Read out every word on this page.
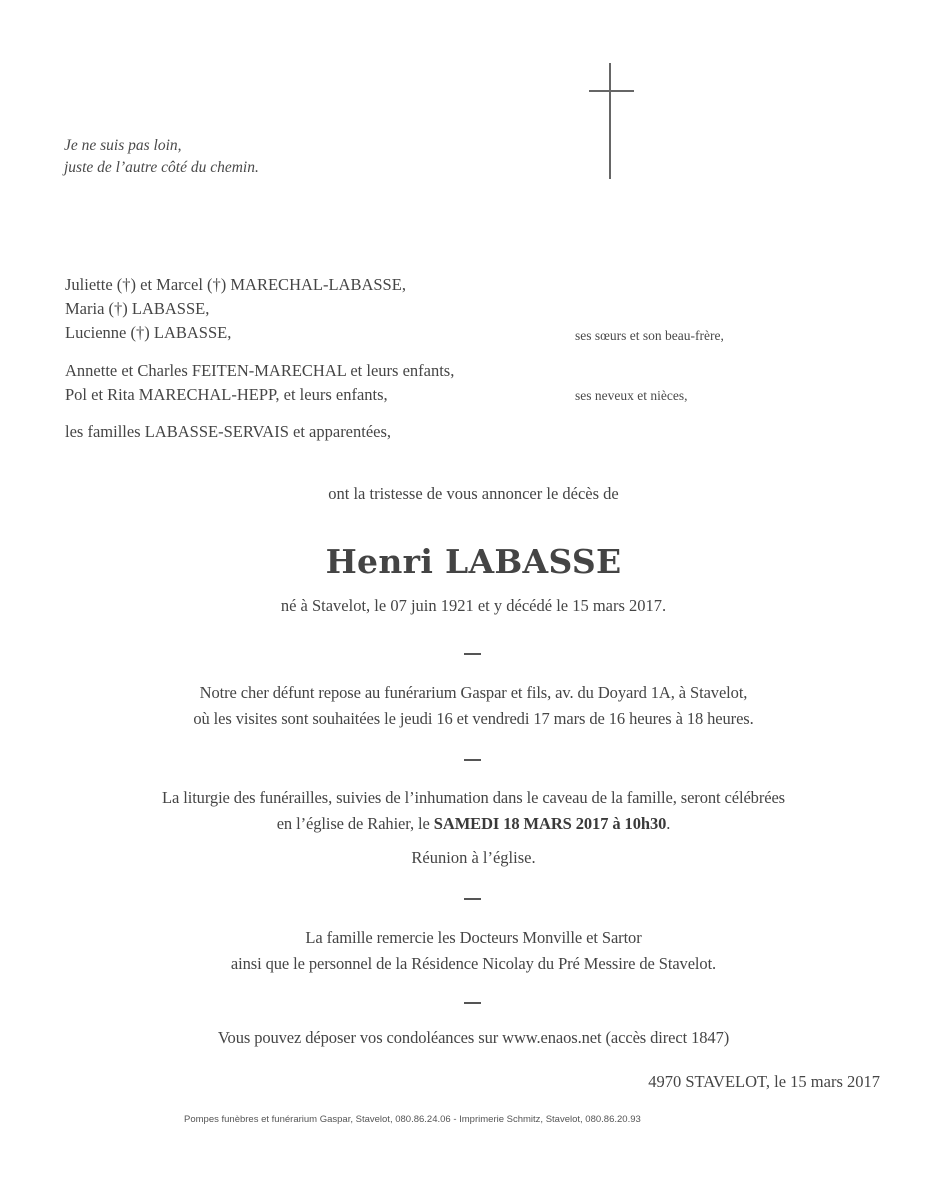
Je ne suis pas loin,
juste de l’autre côté du chemin.
Juliette (†) et Marcel (†) MARECHAL-LABASSE,
Maria (†) LABASSE,
Lucienne (†) LABASSE,	ses sœurs et son beau-frère,
Annette et Charles FEITEN-MARECHAL et leurs enfants,
Pol et Rita MARECHAL-HEPP, et leurs enfants,	ses neveux et nièces,
les familles LABASSE-SERVAIS et apparentées,
ont la tristesse de vous annoncer le décès de
Henri LABASSE
né à Stavelot, le 07 juin 1921 et y décédé le 15 mars 2017.
Notre cher défunt repose au funérarium Gaspar et fils, av. du Doyard 1A, à Stavelot,
où les visites sont souhaitées le jeudi 16 et vendredi 17 mars de 16 heures à 18 heures.
La liturgie des funérailles, suivies de l’inhumation dans le caveau de la famille, seront célébrées
en l’église de Rahier, le SAMEDI 18 MARS 2017 à 10h30.
Réunion à l’église.
La famille remercie les Docteurs Monville et Sartor
ainsi que le personnel de la Résidence Nicolay du Pré Messire de Stavelot.
Vous pouvez déposer vos condoléances sur www.enaos.net (accès direct 1847)
4970 STAVELOT, le 15 mars 2017
Pompes funèbres et funérarium Gaspar, Stavelot, 080.86.24.06 - Imprimerie Schmitz, Stavelot, 080.86.20.93
